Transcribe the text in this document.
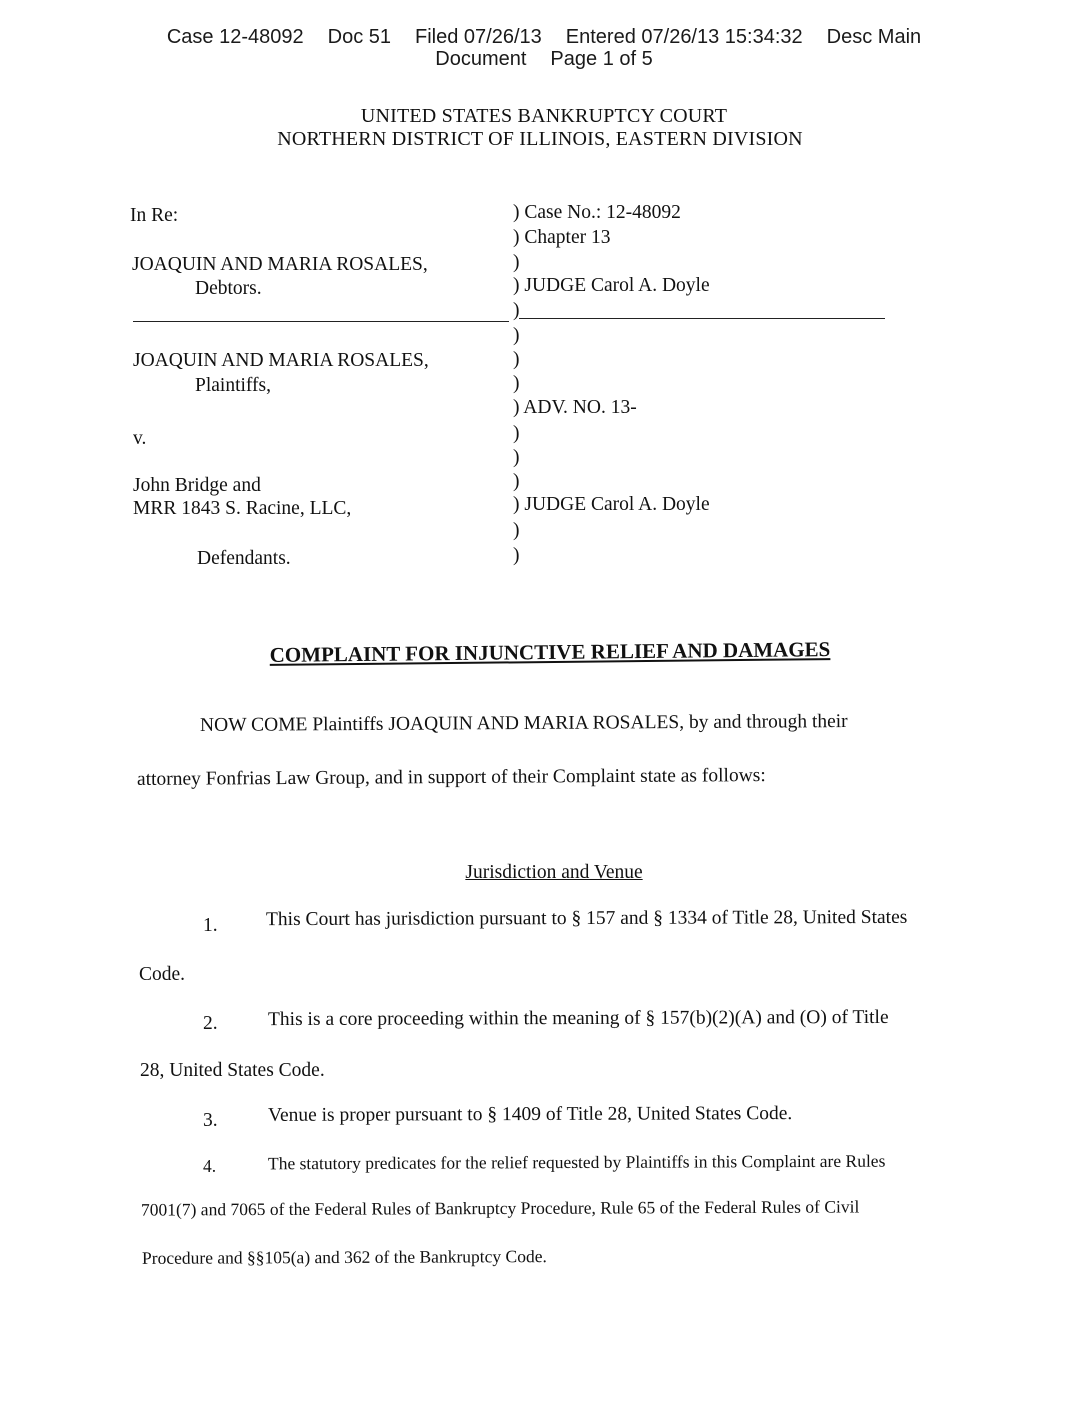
Case 12-48092 Doc 51 Filed 07/26/13 Entered 07/26/13 15:34:32 Desc Main
Document Page 1 of 5
UNITED STATES BANKRUPTCY COURT
NORTHERN DISTRICT OF ILLINOIS, EASTERN DIVISION
In Re:
JOAQUIN AND MARIA ROSALES,
Debtors.
JOAQUIN AND MARIA ROSALES,
Plaintiffs,
v.
John Bridge and
MRR 1843 S. Racine, LLC,
Defendants.
) Case No.: 12-48092
) Chapter 13
)
) JUDGE Carol A. Doyle
)
)
)
)
) ADV. NO. 13-
)
)
)
) JUDGE Carol A. Doyle
)
)
COMPLAINT FOR INJUNCTIVE RELIEF AND DAMAGES
NOW COME Plaintiffs JOAQUIN AND MARIA ROSALES, by and through their
attorney Fonfrias Law Group, and in support of their Complaint state as follows:
Jurisdiction and Venue
1. This Court has jurisdiction pursuant to § 157 and § 1334 of Title 28, United States
Code.
2.	This is a core proceeding within the meaning of § 157(b)(2)(A) and (O) of Title
28, United States Code.
3.	Venue is proper pursuant to § 1409 of Title 28, United States Code.
4.	The statutory predicates for the relief requested by Plaintiffs in this Complaint are Rules
7001(7) and 7065 of the Federal Rules of Bankruptcy Procedure, Rule 65 of the Federal Rules of Civil
Procedure and §§105(a) and 362 of the Bankruptcy Code.
